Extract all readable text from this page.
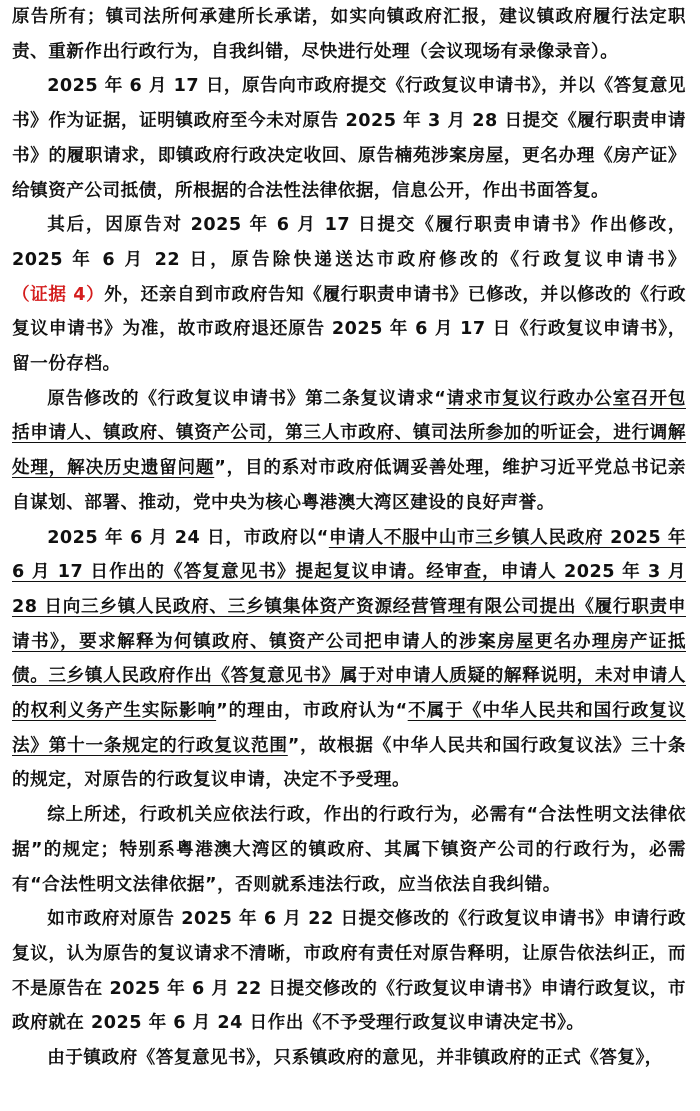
原告所有；镇司法所何承建所长承诺，如实向镇政府汇报，建议镇政府履行法定职责、重新作出行政行为，自我纠错，尽快进行处理（会议现场有录像录音）。

2025 年 6 月 17 日，原告向市政府提交《行政复议申请书》，并以《答复意见书》作为证据，证明镇政府至今未对原告 2025 年 3 月 28 日提交《履行职责申请书》的履职请求，即镇政府行政决定收回、原告楠苑涉案房屋，更名办理《房产证》给镇资产公司抵债，所根据的合法性法律依据，信息公开，作出书面答复。

其后，因原告对 2025 年 6 月 17 日提交《履行职责申请书》作出修改，2025 年 6 月 22 日，原告除快递送达市政府修改的《行政复议申请书》（证据 4）外，还亲自到市政府告知《履行职责申请书》已修改，并以修改的《行政复议申请书》为准，故市政府退还原告 2025 年 6 月 17 日《行政复议申请书》，留一份存档。

原告修改的《行政复议申请书》第二条复议请求“请求市复议行政办公室召开包括申请人、镇政府、镇资产公司，第三人市政府、镇司法所参加的听证会，进行调解处理，解决历史遗留问题”，目的系对市政府低调妥善处理，维护习近平党总书记亲自谋划、部署、推动，党中央为核心粤港澳大湾区建设的良好声誉。

2025 年 6 月 24 日，市政府以“申请人不服中山市三乡镇人民政府 2025 年 6 月 17 日作出的《答复意见书》提起复议申请。经审查，申请人 2025 年 3 月 28 日向三乡镇人民政府、三乡镇集体资产资源经营管理有限公司提出《履行职责申请书》，要求解释为何镇政府、镇资产公司把申请人的涉案房屋更名办理房产证抵债。三乡镇人民政府作出《答复意见书》属于对申请人质疑的解释说明，未对申请人的权利义务产生实际影响”的理由，市政府认为“不属于《中华人民共和国行政复议法》第十一条规定的行政复议范围”，故根据《中华人民共和国行政复议法》三十条的规定，对原告的行政复议申请，决定不予受理。

综上所述，行政机关应依法行政，作出的行政行为，必需有“合法性明文法律依据”的规定；特别系粤港澳大湾区的镇政府、其属下镇资产公司的行政行为，必需有“合法性明文法律依据”，否则就系违法行政，应当依法自我纠错。

如市政府对原告 2025 年 6 月 22 日提交修改的《行政复议申请书》申请行政复议，认为原告的复议请求不清晰，市政府有责任对原告释明，让原告依法纠正，而不是原告在 2025 年 6 月 22 日提交修改的《行政复议申请书》申请行政复议，市政府就在 2025 年 6 月 24 日作出《不予受理行政复议申请决定书》。

由于镇政府《答复意见书》，只系镇政府的意见，并非镇政府的正式《答复》，
